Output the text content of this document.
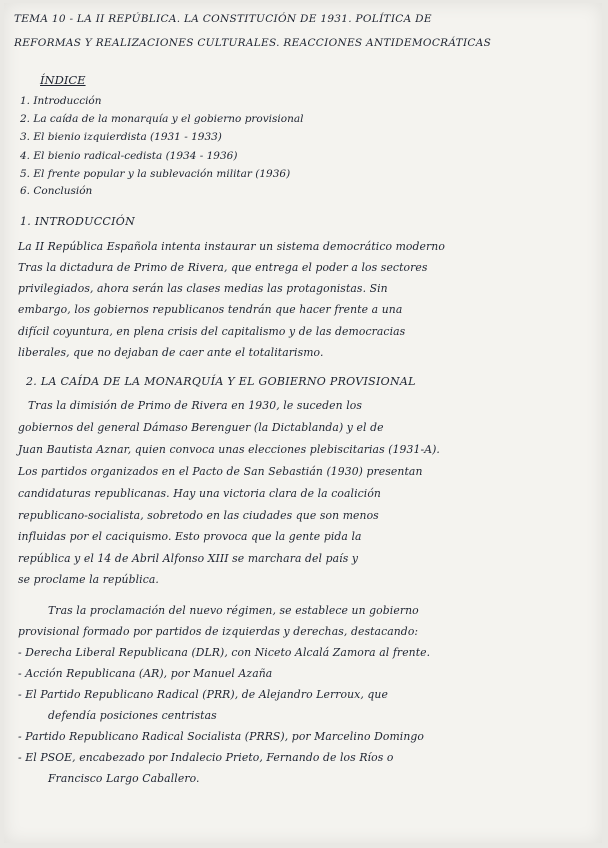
TEMA 10 - LA II REPÚBLICA. LA CONSTITUCIÓN DE 1931. POLÍTICA DE
REFORMAS Y REALIZACIONES CULTURALES. REACCIONES ANTIDEMOCRÁTICAS
ÍNDICE
1. Introducción
2. La caída de la monarquía y el gobierno provisional
3. El bienio izquierdista (1931 - 1933)
4. El bienio radical-cedista (1934 - 1936)
5. El frente popular y la sublevación militar (1936)
6. Conclusión
1. INTRODUCCIÓN
La II República Española intenta instaurar un sistema democrático moderno
Tras la dictadura de Primo de Rivera, que entrega el poder a los sectores
privilegiados, ahora serán las clases medias las protagonistas. Sin
embargo, los gobiernos republicanos tendrán que hacer frente a una
difícil coyuntura, en plena crisis del capitalismo y de las democracias
liberales, que no dejaban de caer ante el totalitarismo.
2. LA CAÍDA DE LA MONARQUÍA Y EL GOBIERNO PROVISIONAL
Tras la dimisión de Primo de Rivera en 1930, le suceden los
gobiernos del general Dámaso Berenguer (la Dictablanda) y el de
Juan Bautista Aznar, quien convoca unas elecciones plebiscitarias (1931-A).
Los partidos organizados en el Pacto de San Sebastián (1930) presentan
candidaturas republicanas. Hay una victoria clara de la coalición
republicano-socialista, sobretodo en las ciudades que son menos
influidas por el caciquismo. Esto provoca que la gente pida la
república y el 14 de Abril Alfonso XIII se marchara del país y
se proclame la república.
Tras la proclamación del nuevo régimen, se establece un gobierno
provisional formado por partidos de izquierdas y derechas, destacando:
- Derecha Liberal Republicana (DLR), con Niceto Alcalá Zamora al frente.
- Acción Republicana (AR), por Manuel Azaña
- El Partido Republicano Radical (PRR), de Alejandro Lerroux, que
defendía posiciones centristas
- Partido Republicano Radical Socialista (PRRS), por Marcelino Domingo
- El PSOE, encabezado por Indalecio Prieto, Fernando de los Ríos o
Francisco Largo Caballero.
